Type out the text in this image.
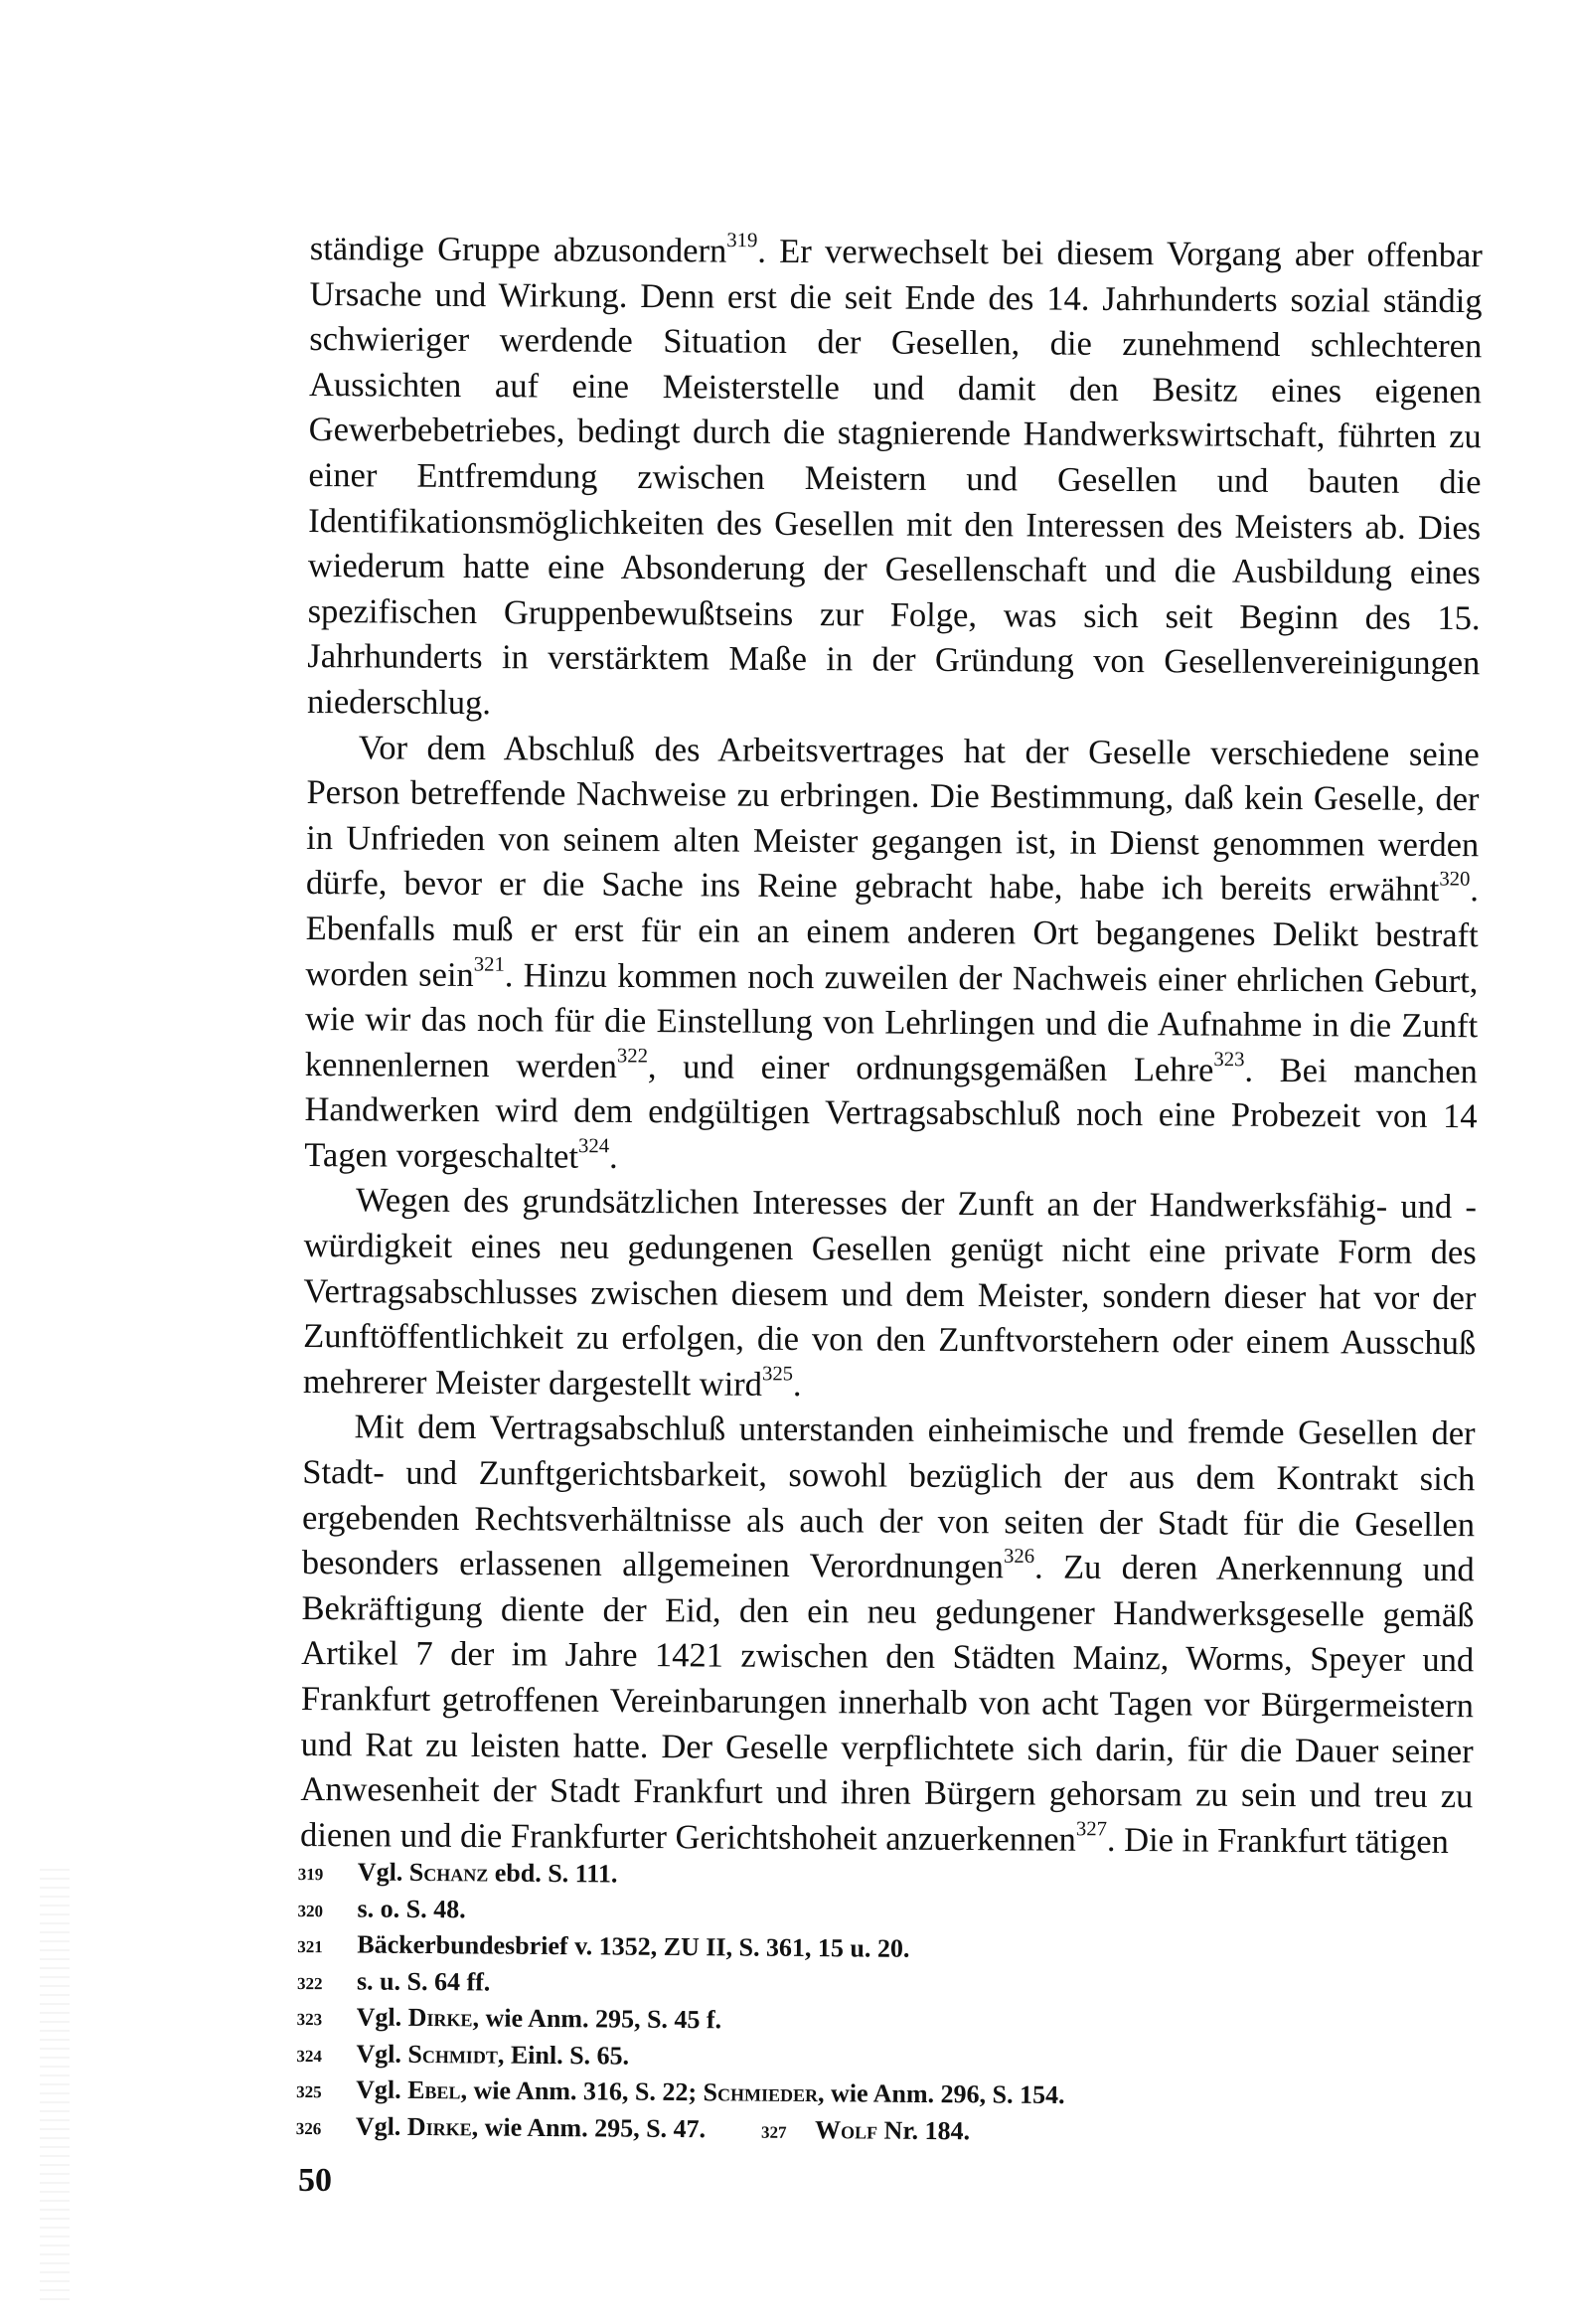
ständige Gruppe abzusondern$^{319}$. Er verwechselt bei diesem Vorgang aber offenbar Ursache und Wirkung. Denn erst die seit Ende des 14. Jahrhunderts sozial ständig schwieriger werdende Situation der Gesellen, die zunehmend schlechteren Aussichten auf eine Meisterstelle und damit den Besitz eines eigenen Gewerbebetriebes, bedingt durch die stagnierende Handwerkswirtschaft, führten zu einer Entfremdung zwischen Meistern und Gesellen und bauten die Identifikationsmöglichkeiten des Gesellen mit den Interessen des Meisters ab. Dies wiederum hatte eine Absonderung der Gesellenschaft und die Ausbildung eines spezifischen Gruppenbewußtseins zur Folge, was sich seit Beginn des 15. Jahrhunderts in verstärktem Maße in der Gründung von Gesellenvereinigungen niederschlug.

Vor dem Abschluß des Arbeitsvertrages hat der Geselle verschiedene seine Person betreffende Nachweise zu erbringen. Die Bestimmung, daß kein Geselle, der in Unfrieden von seinem alten Meister gegangen ist, in Dienst genommen werden dürfe, bevor er die Sache ins Reine gebracht habe, habe ich bereits erwähnt$^{320}$. Ebenfalls muß er erst für ein an einem anderen Ort begangenes Delikt bestraft worden sein$^{321}$. Hinzu kommen noch zuweilen der Nachweis einer ehrlichen Geburt, wie wir das noch für die Einstellung von Lehrlingen und die Aufnahme in die Zunft kennenlernen werden$^{322}$, und einer ordnungsgemäßen Lehre$^{323}$. Bei manchen Handwerken wird dem endgültigen Vertragsabschluß noch eine Probezeit von 14 Tagen vorgeschaltet$^{324}$.

Wegen des grundsätzlichen Interesses der Zunft an der Handwerksfähig- und -würdigkeit eines neu gedungenen Gesellen genügt nicht eine private Form des Vertragsabschlusses zwischen diesem und dem Meister, sondern dieser hat vor der Zunftöffentlichkeit zu erfolgen, die von den Zunftvorstehern oder einem Ausschuß mehrerer Meister dargestellt wird$^{325}$.

Mit dem Vertragsabschluß unterstanden einheimische und fremde Gesellen der Stadt- und Zunftgerichtsbarkeit, sowohl bezüglich der aus dem Kontrakt sich ergebenden Rechtsverhältnisse als auch der von seiten der Stadt für die Gesellen besonders erlassenen allgemeinen Verordnungen$^{326}$. Zu deren Anerkennung und Bekräftigung diente der Eid, den ein neu gedungener Handwerksgeselle gemäß Artikel 7 der im Jahre 1421 zwischen den Städten Mainz, Worms, Speyer und Frankfurt getroffenen Vereinbarungen innerhalb von acht Tagen vor Bürgermeistern und Rat zu leisten hatte. Der Geselle verpflichtete sich darin, für die Dauer seiner Anwesenheit der Stadt Frankfurt und ihren Bürgern gehorsam zu sein und treu zu dienen und die Frankfurter Gerichtshoheit anzuerkennen$^{327}$. Die in Frankfurt tätigen

319	Vgl. Schanz ebd. S. 111.
320	s. o. S. 48.
321	Bäckerbundesbrief v. 1352, ZU II, S. 361, 15 u. 20.
322	s. u. S. 64 ff.
323	Vgl. Dirke, wie Anm. 295, S. 45 f.
324	Vgl. Schmidt, Einl. S. 65.
325	Vgl. Ebel, wie Anm. 316, S. 22; Schmieder, wie Anm. 296, S. 154.
326	Vgl. Dirke, wie Anm. 295, S. 47.	327 Wolf Nr. 184.
50
